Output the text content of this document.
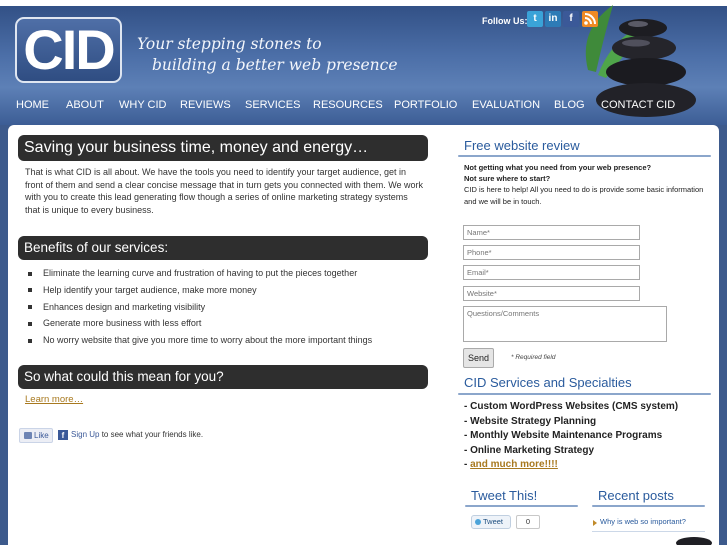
CID	Your stepping stones to
building a better web presence
Follow Us: t	in	f
HOME ABOUT WHY CID REVIEWS SERVICES RESOURCES PORTFOLIO EVALUATION BLOG CONTACT CID
Saving your business time, money and energy…

That is what CID is all about. We have the tools you need to identify your target audience, get in front of them and send a clear concise message that in turn gets you connected with them. We work with you to create this lead generating flow though a series of online marketing strategy systems that is unique to every business.

Benefits of our services:
Eliminate the learning curve and frustration of having to put the pieces together
Help identify your target audience, make more money
Enhances design and marketing visibility
Generate more business with less effort
No worry website that give you more time to worry about the more important things
So what could this mean for you?
Learn more…
Like	f Sign Up to see what your friends like.
Free website review
Not getting what you need from your web presence?
Not sure where to start?
CID is here to help! All you need to do is provide some basic information and we will be in touch.
Name*
Phone*
Email*
Website*
Questions/Comments
Send	* Required field
CID Services and Specialties
- Custom WordPress Websites (CMS system)
- Website Strategy Planning
- Monthly Website Maintenance Programs
- Online Marketing Strategy
- and much more!!!!
Tweet This!
Tweet	0
Recent posts
Why is web so important?
